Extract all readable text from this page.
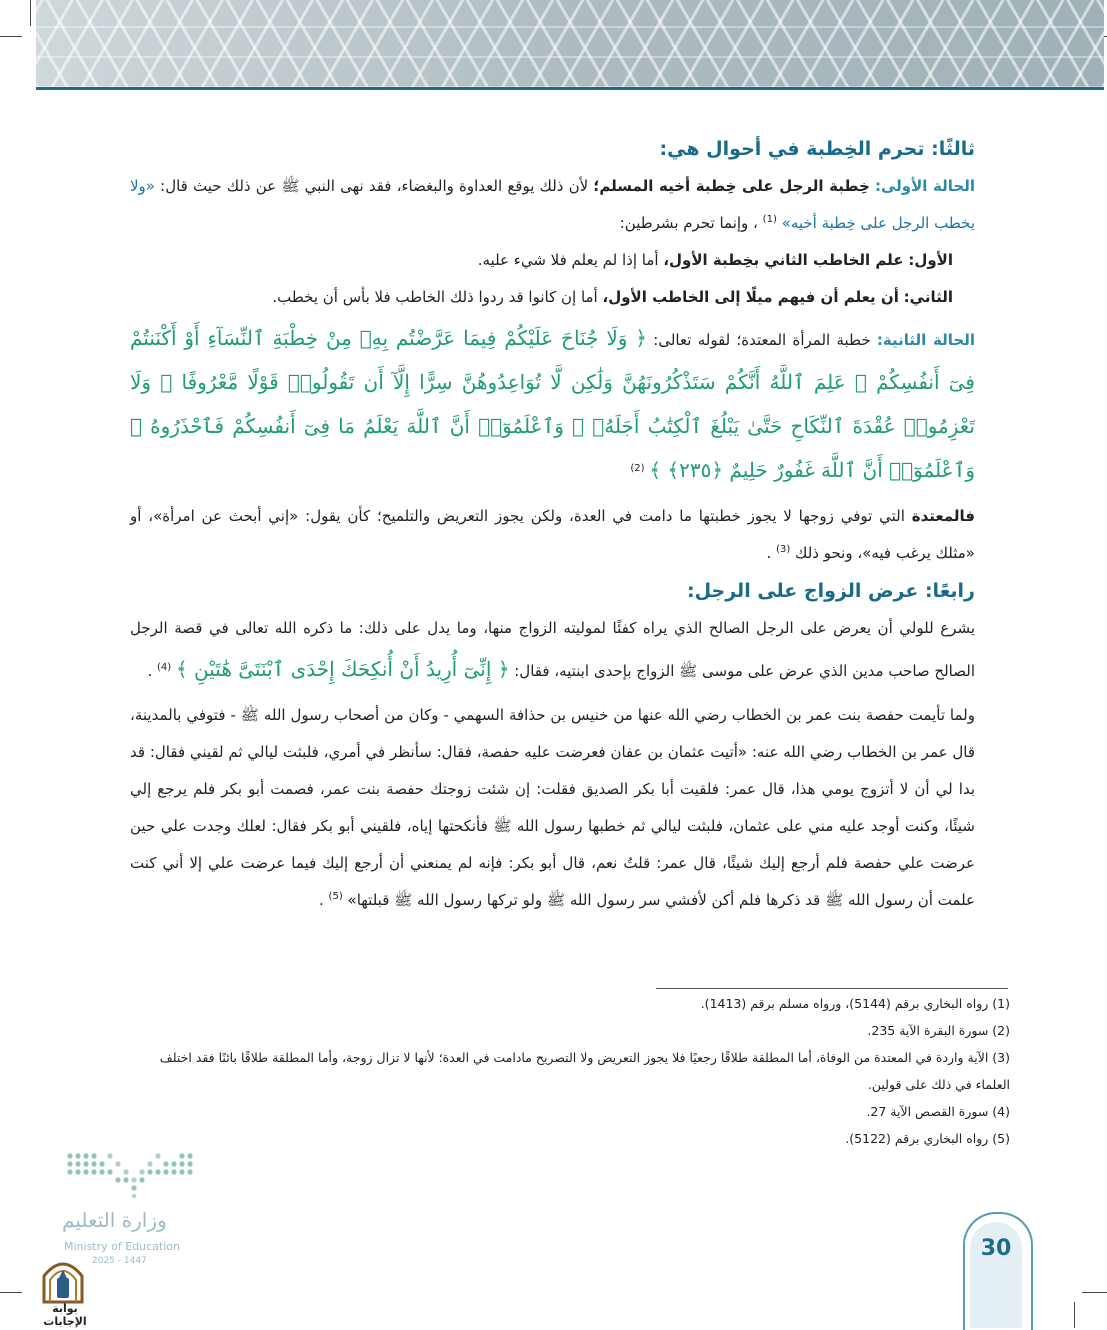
ثالثًا: تحرم الخِطبة في أحوال هي:

الحالة الأولى: خِطبة الرجل على خِطبة أخيه المسلم؛ لأن ذلك يوقع العداوة والبغضاء، فقد نهى النبي ﷺ عن ذلك حيث قال: «ولا يخطب الرجل على خِطبة أخيه» $^{(1)}$ ، وإنما تحرم بشرطين:

الأول: علم الخاطب الثاني بخِطبة الأول، أما إذا لم يعلم فلا شيء عليه.

الثاني: أن يعلم أن فيهم ميلًا إلى الخاطب الأول، أما إن كانوا قد ردوا ذلك الخاطب فلا بأس أن يخطب.

الحالة الثانية: خطبة المرأة المعتدة؛ لقوله تعالى: ﴿ وَلَا جُنَاحَ عَلَيْكُمْ فِيمَا عَرَّضْتُم بِهِۦ مِنْ خِطْبَةِ ٱلنِّسَآءِ أَوْ أَكْنَنتُمْ فِىٓ أَنفُسِكُمْ ۚ عَلِمَ ٱللَّهُ أَنَّكُمْ سَتَذْكُرُونَهُنَّ وَلَٰكِن لَّا تُوَاعِدُوهُنَّ سِرًّا إِلَّآ أَن تَقُولُوا۟ قَوْلًا مَّعْرُوفًا ۚ وَلَا تَعْزِمُوا۟ عُقْدَةَ ٱلنِّكَاحِ حَتَّىٰ يَبْلُغَ ٱلْكِتَٰبُ أَجَلَهُۥ ۚ وَٱعْلَمُوٓا۟ أَنَّ ٱللَّهَ يَعْلَمُ مَا فِىٓ أَنفُسِكُمْ فَٱحْذَرُوهُ ۚ وَٱعْلَمُوٓا۟ أَنَّ ٱللَّهَ غَفُورٌ حَلِيمٌ ﴿٢٣٥﴾ ﴾ $^{(2)}$

فالمعتدة التي توفي زوجها لا يجوز خطبتها ما دامت في العدة، ولكن يجوز التعريض والتلميح؛ كأن يقول: «إني أبحث عن امرأة»، أو «مثلك يرغب فيه»، ونحو ذلك $^{(3)}$ .

رابعًا: عرض الزواج على الرجل:

يشرع للولي أن يعرض على الرجل الصالح الذي يراه كفئًا لموليته الزواج منها، وما يدل على ذلك: ما ذكره الله تعالى في قصة الرجل الصالح صاحب مدين الذي عرض على موسى ﷺ الزواج بإحدى ابنتيه، فقال: ﴿ إِنِّىٓ أُرِيدُ أَنْ أُنكِحَكَ إِحْدَى ٱبْنَتَىَّ هَٰتَيْنِ ﴾ $^{(4)}$ .

ولما تأيمت حفصة بنت عمر بن الخطاب رضي الله عنها من خنيس بن حذافة السهمي - وكان من أصحاب رسول الله ﷺ - فتوفي بالمدينة، قال عمر بن الخطاب رضي الله عنه: «أتيت عثمان بن عفان فعرضت عليه حفصة، فقال: سأنظر في أمري، فلبثت ليالي ثم لقيني فقال: قد بدا لي أن لا أتزوج يومي هذا، قال عمر: فلقيت أبا بكر الصديق فقلت: إن شئت زوجتك حفصة بنت عمر، فصمت أبو بكر فلم يرجع إلي شيئًا، وكنت أوجد عليه مني على عثمان، فلبثت ليالي ثم خطبها رسول الله ﷺ فأنكحتها إياه، فلقيني أبو بكر فقال: لعلك وجدت علي حين عرضت علي حفصة فلم أرجع إليك شيئًا، قال عمر: قلتُ نعم، قال أبو بكر: فإنه لم يمنعني أن أرجع إليك فيما عرضت علي إلا أني كنت علمت أن رسول الله ﷺ قد ذكرها فلم أكن لأفشي سر رسول الله ﷺ ولو تركها رسول الله ﷺ قبلتها» $^{(5)}$ .

(1) رواه البخاري برقم (5144)، ورواه مسلم برقم (1413).

(2) سورة البقرة الآية 235.

(3) الآية واردة في المعتدة من الوفاة، أما المطلقة طلاقًا رجعيًا فلا يجوز التعريض ولا التصريح مادامت في العدة؛ لأنها لا تزال زوجة، وأما المطلقة طلاقًا بائنًا فقد اختلف العلماء في ذلك على قولين.

(4) سورة القصص الآية 27.

(5) رواه البخاري برقم (5122).

30
وزارة التعليم
Ministry of Education
2025 - 1447
بوابة الإجابات
